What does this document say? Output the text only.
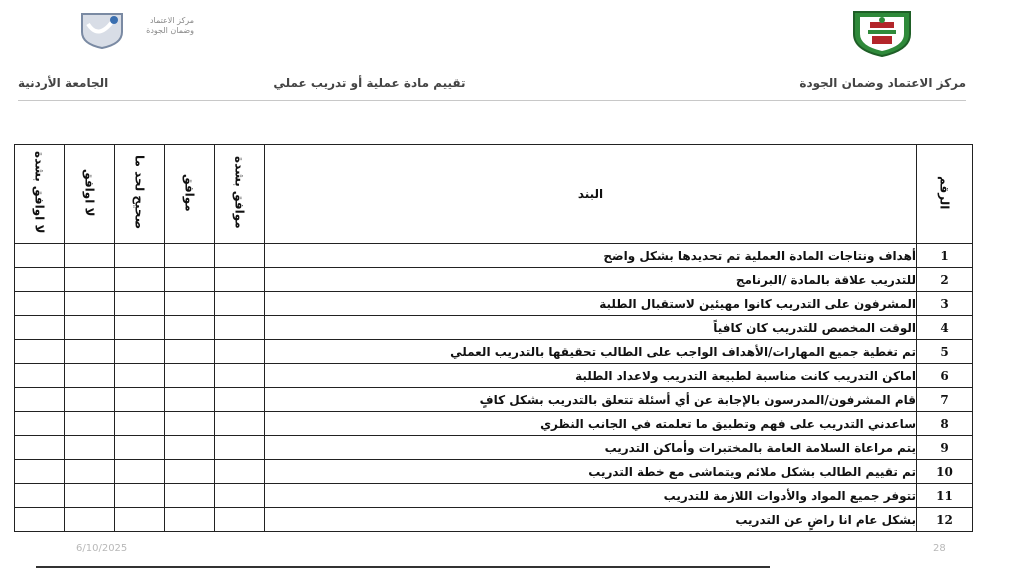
مركز الاعتماد
وضمان الجودة
مركز الاعتماد وضمان الجودة
تقييم مادة عملية أو تدريب عملي
الجامعة الأردنية
الرقم	البند	موافق بشدة	موافق	صحيح لحد ما	لا اوافق	لا اوافق بشدة
1	أهداف ونتاجات المادة العملية تم تحديدها بشكل واضح					
2	للتدريب علاقة بالمادة /البرنامج					
3	المشرفون على التدريب كانوا مهيئين لاستقبال الطلبة					
4	الوقت المخصص للتدريب كان كافياً					
5	تم تغطية جميع المهارات/الأهداف الواجب على الطالب تحقيقها بالتدريب العملي					
6	اماكن التدريب كانت مناسبة لطبيعة التدريب ولاعداد الطلبة					
7	قام المشرفون/المدرسون بالإجابة عن أي أسئلة تتعلق بالتدريب بشكل كافٍ					
8	ساعدني التدريب على فهم وتطبيق ما تعلمته في الجانب النظري					
9	يتم مراعاة السلامة العامة بالمختبرات وأماكن التدريب					
10	تم تقييم الطالب بشكل ملائم ويتماشى مع خطة التدريب					
11	تتوفر جميع المواد والأدوات اللازمة للتدريب					
12	بشكل عام انا راضٍ عن التدريب					
6/10/2025	28
